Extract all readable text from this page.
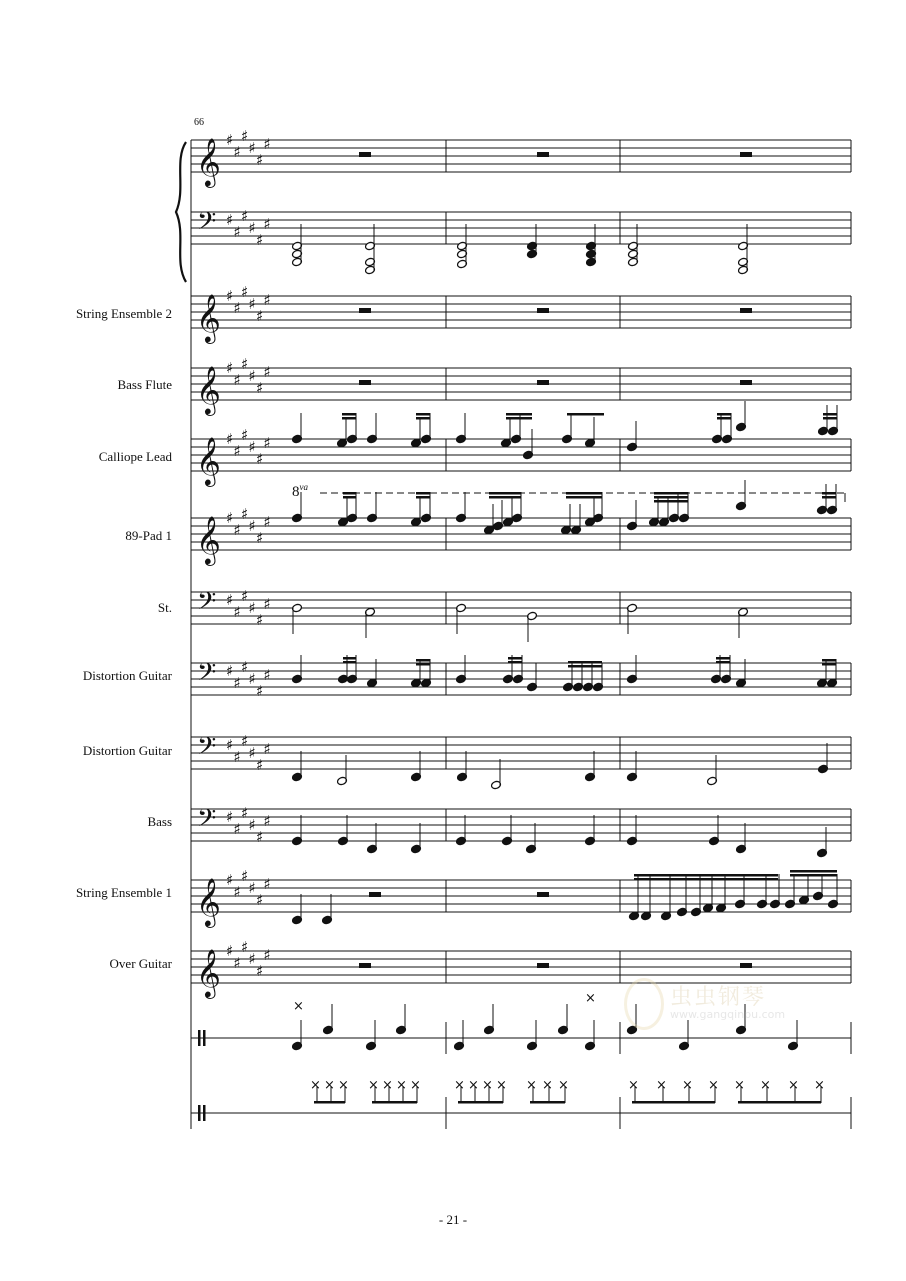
𝄞 ♯
♯
♯
♯
♯
♯
𝄢 ♯
♯
♯
♯
♯
♯
𝄞 ♯
♯
♯
♯
♯
♯
𝄞 ♯
♯
♯
♯
♯
♯
𝄞 ♯
♯
♯
♯
♯
♯
𝄞 ♯
♯
♯
♯
♯
♯
𝄢 ♯
♯
♯
♯
♯
♯
𝄢 ♯
♯
♯
♯
♯
♯
𝄢 ♯
♯
♯
♯
♯
♯
𝄢 ♯
♯
♯
♯
♯
♯
𝄞 ♯
♯
♯
♯
♯
♯
𝄞 ♯
♯
♯
♯
♯
♯
×
×
× × × × × × ×	× × × × × × ×	× × × × × × × ×
66
$8^{va}$
String Ensemble 2
Bass Flute
Calliope Lead
89-Pad 1
St.
Distortion Guitar
Distortion Guitar
Bass
String Ensemble 1
Over Guitar
- 21 -
虫虫钢琴
www.gangqinpu.com
